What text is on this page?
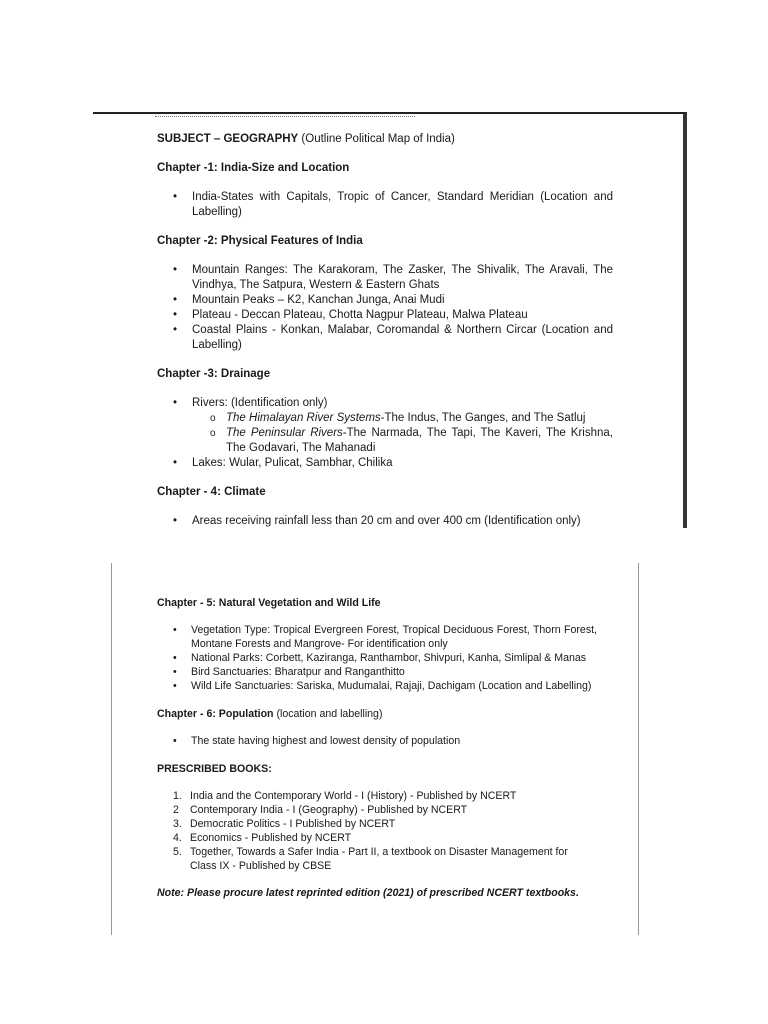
SUBJECT – GEOGRAPHY (Outline Political Map of India)

Chapter -1: India-Size and Location

• India-States with Capitals, Tropic of Cancer, Standard Meridian (Location and Labelling)

Chapter -2: Physical Features of India

• Mountain Ranges: The Karakoram, The Zasker, The Shivalik, The Aravali, The Vindhya, The Satpura, Western & Eastern Ghats
• Mountain Peaks – K2, Kanchan Junga, Anai Mudi
• Plateau - Deccan Plateau, Chotta Nagpur Plateau, Malwa Plateau
• Coastal Plains - Konkan, Malabar, Coromandal & Northern Circar (Location and Labelling)

Chapter -3: Drainage

• Rivers: (Identification only)
o The Himalayan River Systems-The Indus, The Ganges, and The Satluj
o The Peninsular Rivers-The Narmada, The Tapi, The Kaveri, The Krishna, The Godavari, The Mahanadi
• Lakes: Wular, Pulicat, Sambhar, Chilika

Chapter - 4: Climate

• Areas receiving rainfall less than 20 cm and over 400 cm (Identification only)

Chapter - 5: Natural Vegetation and Wild Life

• Vegetation Type: Tropical Evergreen Forest, Tropical Deciduous Forest, Thorn Forest, Montane Forests and Mangrove- For identification only
• National Parks: Corbett, Kaziranga, Ranthambor, Shivpuri, Kanha, Simlipal & Manas
• Bird Sanctuaries: Bharatpur and Ranganthitto
• Wild Life Sanctuaries: Sariska, Mudumalai, Rajaji, Dachigam (Location and Labelling)

Chapter - 6: Population (location and labelling)

• The state having highest and lowest density of population

PRESCRIBED BOOKS:

1. India and the Contemporary World - I (History) - Published by NCERT
2 Contemporary India - I (Geography) - Published by NCERT
3. Democratic Politics - I Published by NCERT
4. Economics - Published by NCERT
5. Together, Towards a Safer India - Part II, a textbook on Disaster Management for Class IX - Published by CBSE

Note: Please procure latest reprinted edition (2021) of prescribed NCERT textbooks.
